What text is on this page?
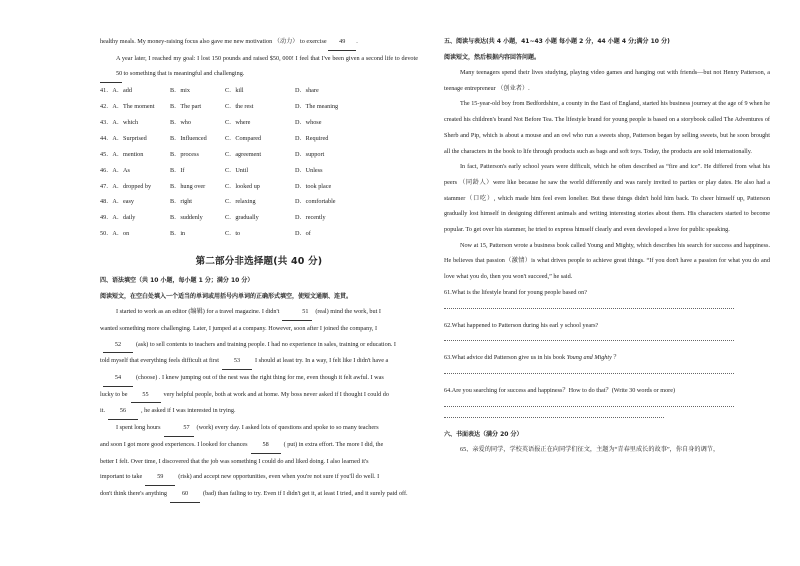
healthy meals. My money-raising focus also gave me new motivation （动力） to exercise 49 .

A year later, I reached my goal: I lost 150 pounds and raised $50, 000! I feel that I've been given a second life to devote 50 to something that is meaningful and challenging.

41．A．add	B．mix	C．kill	D．share
42．A．The moment	B．The part	C．the rest	D．The meaning
43．A．which	B．who	C．where	D．whose
44．A．Surprised	B．Influenced	C．Compared	D．Required
45．A．mention	B．process	C．agreement	D．support
46．A．As	B．If	C．Until	D．Unless
47．A．dropped by	B．hung over	C．looked up	D．took place
48．A．easy	B．right	C．relaxing	D．comfortable
49．A．daily	B．suddenly	C．gradually	D．recently
50．A．on	B．in	C．to	D．of
第二部分非选择题(共 40 分)

四、语法填空（共 10 小题，每小题 1 分；满分 10 分）

阅读短文，在空白处填入一个适当的单词或用括号内单词的正确形式填空，使短文通顺、连贯。

I started to work as an editor (编辑) for a travel magazine. I didn't	51 (real) mind the work, but I

wanted something more challenging. Later, I jumped at a company. However, soon after I joined the company, I

52 (ask) to sell contents to teachers and training people. I had no experience in sales, training or education. I

told myself that everything feels difficult at first 53 I should at least try. In a way, I felt like I didn't have a

54 (choose) . I knew jumping out of the nest was the right thing for me, even though it felt awful. I was

lucky to be 55 very helpful people, both at work and at home. My boss never asked if I thought I could do

it. 56 , he asked if I was interested in trying.

I spent long hours	57 (work) every day. I asked lots of questions and spoke to so many teachers

and soon I got more good experiences. I looked for chances 58 ( put) in extra effort. The more I did, the

better I felt. Over time, I discovered that the job was something I could do and liked doing. I also learned it's

important to take 59 (risk) and accept new opportunities, even when you're not sure if you'll do well. I

don't think there's anything 60 (bad) than failing to try. Even if I didn't get it, at least I tried, and it surely paid off.

五、阅读与表达(共 4 小题，41~43 小题 每小题 2 分，44 小题 4 分;满分 10 分)

阅读短文，然后根据内容回答问题。

Many teenagers spend their lives studying, playing video games and hanging out with friends—but not Henry Patterson, a teenage entrepreneur （创业者）.

The 15-year-old boy from Bedfordshire, a county in the East of England, started his business journey at the age of 9 when he created his children's brand Not Before Tea. The lifestyle brand for young people is based on a storybook called The Adventures of Sherb and Pip, which is about a mouse and an owl who run a sweets shop, Patterson began by selling sweets, but he soon brought all the characters in the book to life through products such as bags and soft toys. Today, the products are sold internationally.

In fact, Patterson's early school years were difficult, which he often described as “fire and ice”. He differed from what his peers （同龄人）were like because he saw the world differently and was rarely invited to parties or play dates. He also had a stammer（口吃）, which made him feel even lonelier. But these things didn't hold him back. To cheer himself up, Patterson gradually lost himself in designing different animals and writing interesting stories about them. His characters started to become popular. To get over his stammer, he tried to express himself clearly and even developed a love for public speaking.

Now at 15, Patterson wrote a business book called Young and Mighty, which describes his search for success and happiness. He believes that passion（激情）is what drives people to achieve great things. “If you don't have a passion for what you do and love what you do, then you won't succeed,” he said.

61.What is the lifestyle brand for young people based on?

62.What happened to Patterson during his earl y school years?

63.What advice did Patterson give us in his book Young and Mighty ？

64.Are you searching for success and happiness？How to do that？(Write 30 words or more)

六、书面表达（满分 20 分）

65、亲爱的同学，学校英语报正在向同学们征文，主题为“青春里成长的故事”，你自身的调节，
